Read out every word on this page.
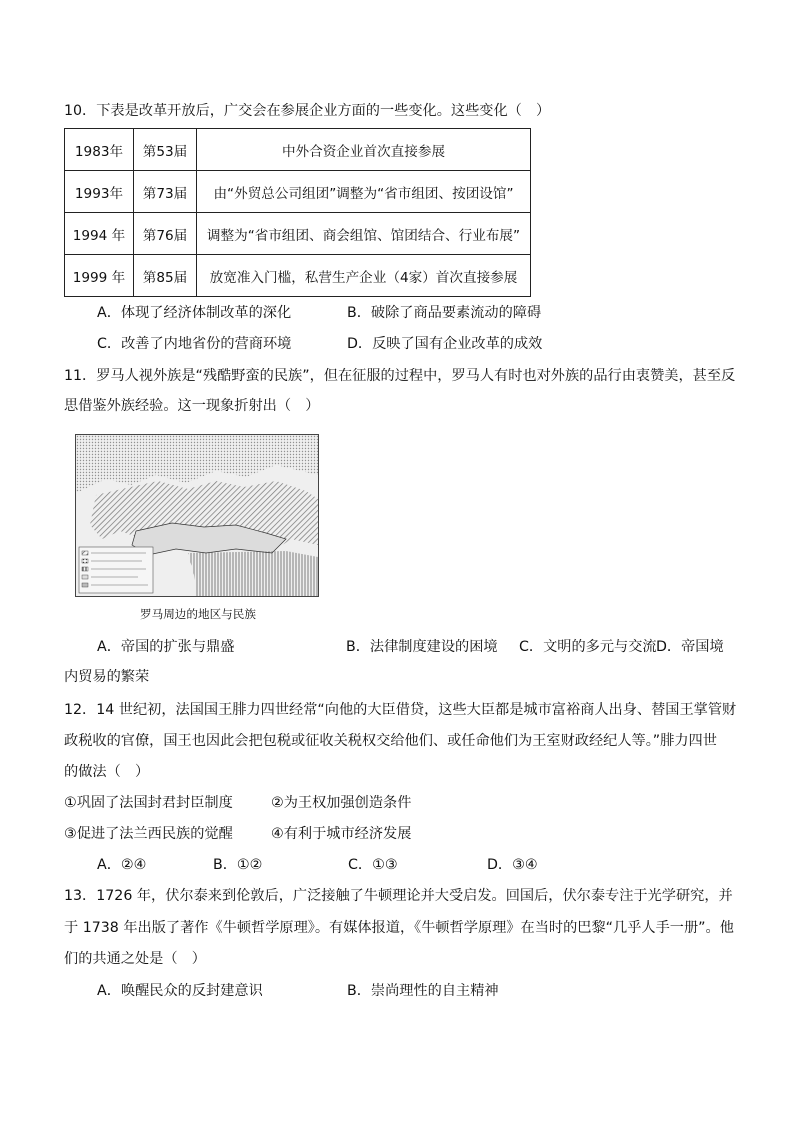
10．下表是改革开放后，广交会在参展企业方面的一些变化。这些变化（　）
1983年	第53届	中外合资企业首次直接参展
1993年	第73届	由“外贸总公司组团”调整为“省市组团、按团设馆”
1994 年	第76届	调整为“省市组团、商会组馆、馆团结合、行业布展”
1999 年	第85届	放宽准入门槛，私营生产企业（4家）首次直接参展
A．体现了经济体制改革的深化	B．破除了商品要素流动的障碍
C．改善了内地省份的营商环境	D．反映了国有企业改革的成效
11．罗马人视外族是“残酷野蛮的民族”，但在征服的过程中，罗马人有时也对外族的品行由衷赞美，甚至反
思借鉴外族经验。这一现象折射出（　）
罗马周边的地区与民族
A．帝国的扩张与鼎盛	B．法律制度建设的困境 C．文明的多元与交流 D．帝国境
内贸易的繁荣
12．14 世纪初，法国国王腓力四世经常“向他的大臣借贷，这些大臣都是城市富裕商人出身、替国王掌管财
政税收的官僚，国王也因此会把包税或征收关税权交给他们、或任命他们为王室财政经纪人等。”腓力四世
的做法（　）
①巩固了法国封君封臣制度	②为王权加强创造条件
③促进了法兰西民族的觉醒	④有利于城市经济发展
A．②④	B．①②	C．①③	D．③④
13．1726 年，伏尔泰来到伦敦后，广泛接触了牛顿理论并大受启发。回国后，伏尔泰专注于光学研究，并
于 1738 年出版了著作《牛顿哲学原理》。有媒体报道，《牛顿哲学原理》在当时的巴黎“几乎人手一册”。他
们的共通之处是（　）
A．唤醒民众的反封建意识	B．崇尚理性的自主精神
